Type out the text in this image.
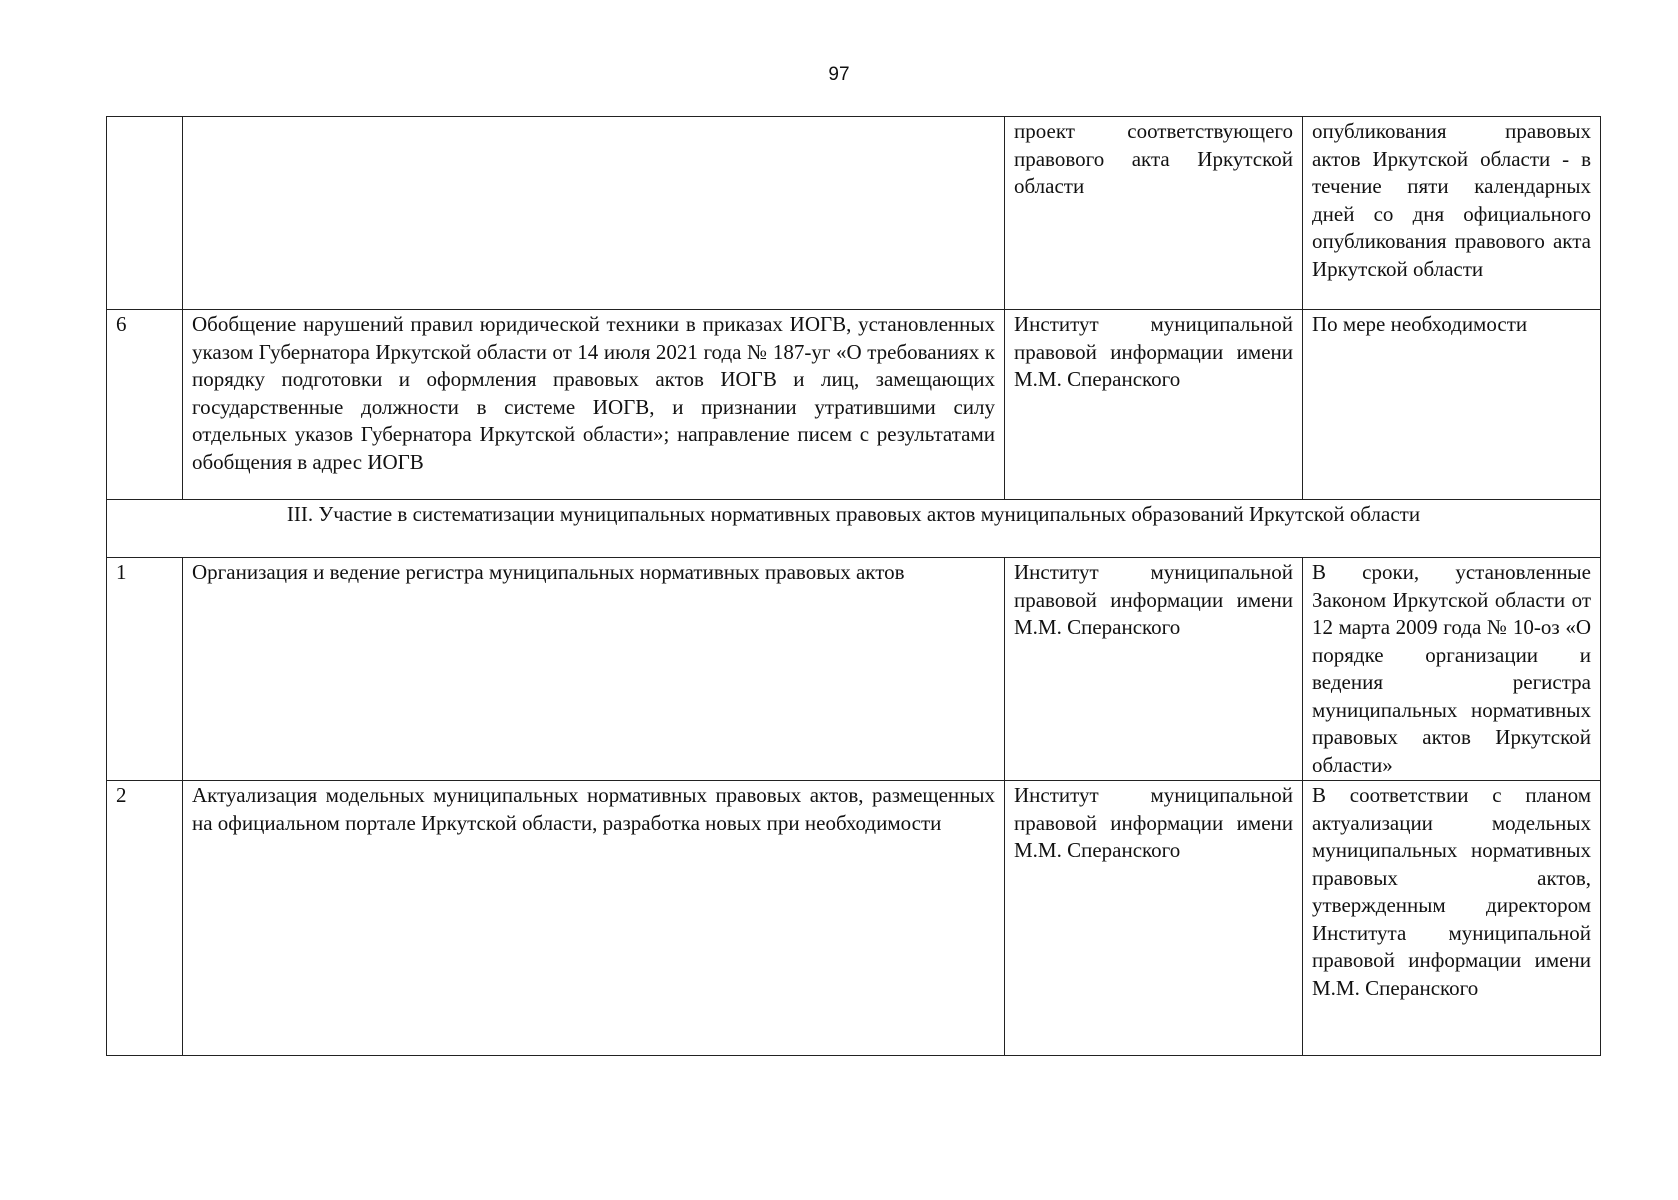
97
		проект соответствующего правового акта Иркутской области	опубликования правовых актов Иркутской области - в течение пяти календарных дней со дня официального опубликования правового акта Иркутской области
6	Обобщение нарушений правил юридической техники в приказах ИОГВ, установленных указом Губернатора Иркутской области от 14 июля 2021 года № 187-уг «О требованиях к порядку подготовки и оформления правовых актов ИОГВ и лиц, замещающих государственные должности в системе ИОГВ, и признании утратившими силу отдельных указов Губернатора Иркутской области»; направление писем с результатами обобщения в адрес ИОГВ	Институт муниципальной правовой информации имени М.М. Сперанского	По мере необходимости
III. Участие в систематизации муниципальных нормативных правовых актов муниципальных образований Иркутской области			
1	Организация и ведение регистра муниципальных нормативных правовых актов	Институт муниципальной правовой информации имени М.М. Сперанского	В сроки, установленные Законом Иркутской области от 12 марта 2009 года № 10-оз «О порядке организации и ведения регистра муниципальных нормативных правовых актов Иркутской области»
2	Актуализация модельных муниципальных нормативных правовых актов, размещенных на официальном портале Иркутской области, разработка новых при необходимости	Институт муниципальной правовой информации имени М.М. Сперанского	В соответствии с планом актуализации модельных муниципальных нормативных правовых актов, утвержденным директором Института муниципальной правовой информации имени М.М. Сперанского
